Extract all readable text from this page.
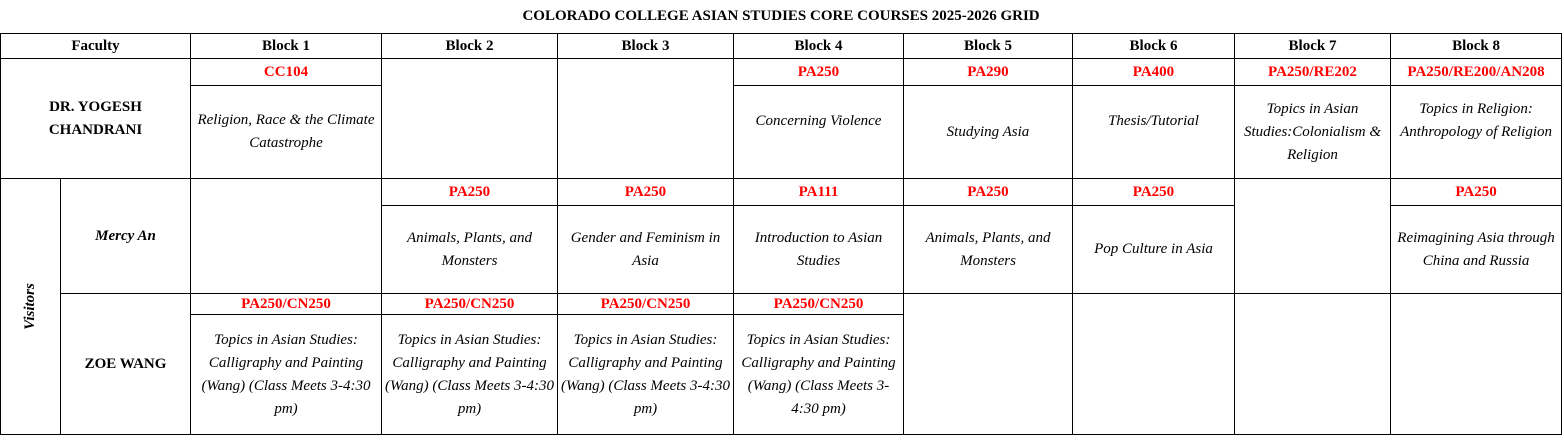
COLORADO COLLEGE ASIAN STUDIES CORE COURSES 2025-2026 GRID									
Faculty		Block 1	Block 2	Block 3	Block 4	Block 5	Block 6	Block 7	Block 8
DR. YOGESH
CHANDRANI		CC104			PA250	PA290	PA400	PA250/RE202	PA250/RE200/AN208
		Religion, Race & the Climate Catastrophe			Concerning Violence	Studying Asia	Thesis/Tutorial	Topics in Asian Studies:Colonialism & Religion	Topics in Religion: Anthropology of Religion
Visitors	Mercy An		PA250	PA250	PA111	PA250	PA250		PA250
			Animals, Plants, and Monsters	Gender and Feminism in Asia	Introduction to Asian Studies	Animals, Plants, and Monsters	Pop Culture in Asia		Reimagining Asia through China and Russia
	ZOE WANG	PA250/CN250	PA250/CN250	PA250/CN250	PA250/CN250				
		Topics in Asian Studies: Calligraphy and Painting (Wang) (Class Meets 3-4:30 pm)	Topics in Asian Studies: Calligraphy and Painting (Wang) (Class Meets 3-4:30 pm)	Topics in Asian Studies: Calligraphy and Painting (Wang) (Class Meets 3-4:30 pm)	Topics in Asian Studies: Calligraphy and Painting (Wang) (Class Meets 3-4:30 pm)				
